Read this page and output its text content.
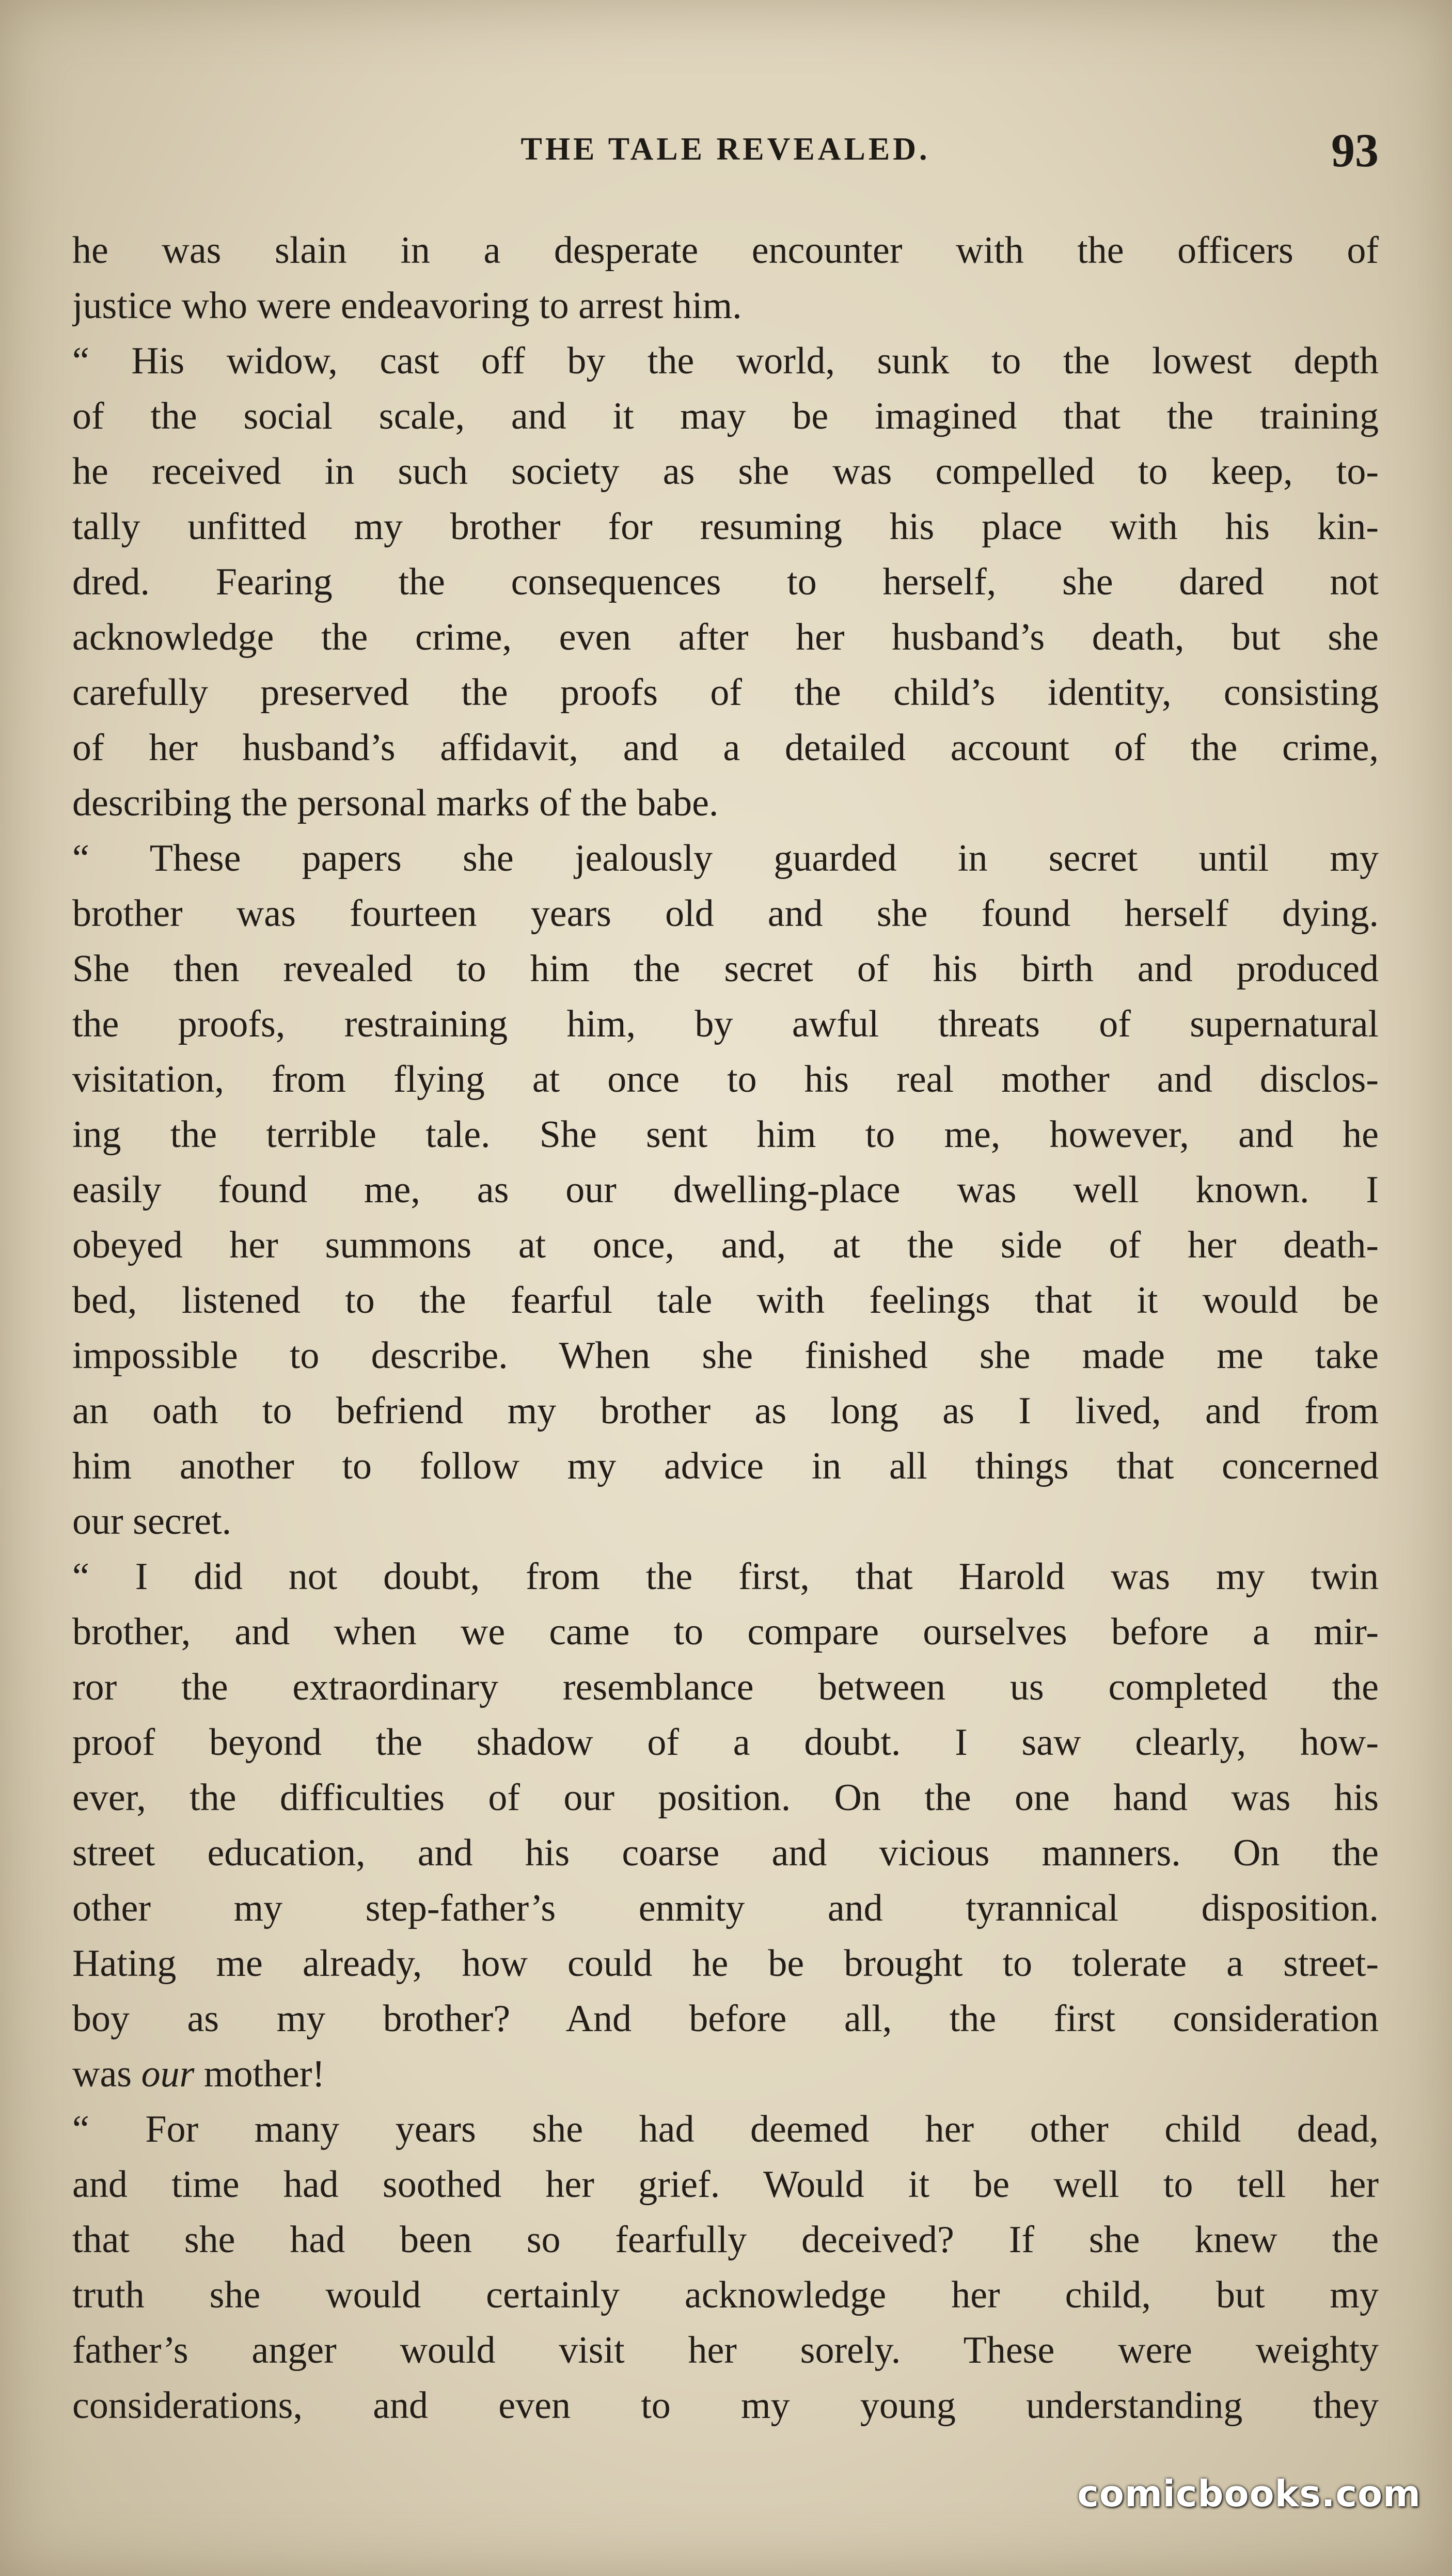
THE TALE REVEALED.	93
he was slain in a desperate encounter with the officers of
justice who were endeavoring to arrest him.
“ His widow, cast off by the world, sunk to the lowest depth
of the social scale, and it may be imagined that the training
he received in such society as she was compelled to keep, to-
tally unfitted my brother for resuming his place with his kin-
dred. Fearing the consequences to herself, she dared not
acknowledge the crime, even after her husband’s death, but she
carefully preserved the proofs of the child’s identity, consisting
of her husband’s affidavit, and a detailed account of the crime,
describing the personal marks of the babe.
“ These papers she jealously guarded in secret until my
brother was fourteen years old and she found herself dying.
She then revealed to him the secret of his birth and produced
the proofs, restraining him, by awful threats of supernatural
visitation, from flying at once to his real mother and disclos-
ing the terrible tale. She sent him to me, however, and he
easily found me, as our dwelling-place was well known. I
obeyed her summons at once, and, at the side of her death-
bed, listened to the fearful tale with feelings that it would be
impossible to describe. When she finished she made me take
an oath to befriend my brother as long as I lived, and from
him another to follow my advice in all things that concerned
our secret.
“ I did not doubt, from the first, that Harold was my twin
brother, and when we came to compare ourselves before a mir-
ror the extraordinary resemblance between us completed the
proof beyond the shadow of a doubt. I saw clearly, how-
ever, the difficulties of our position. On the one hand was his
street education, and his coarse and vicious manners. On the
other my step-father’s enmity and tyrannical disposition.
Hating me already, how could he be brought to tolerate a street-
boy as my brother? And before all, the first consideration
was our mother!
“ For many years she had deemed her other child dead,
and time had soothed her grief. Would it be well to tell her
that she had been so fearfully deceived? If she knew the
truth she would certainly acknowledge her child, but my
father’s anger would visit her sorely. These were weighty
considerations, and even to my young understanding they
comicbooks.com
